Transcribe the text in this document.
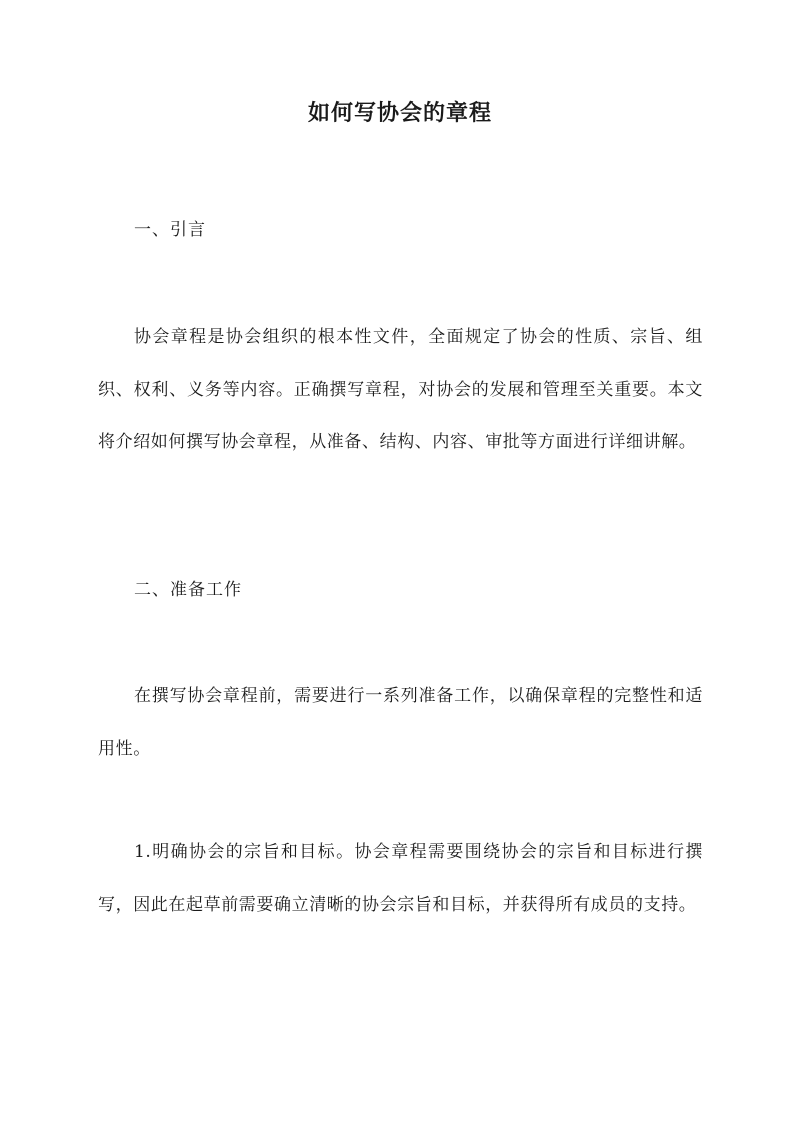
如何写协会的章程
一、引言
协会章程是协会组织的根本性文件，全面规定了协会的性质、宗旨、组织、权利、义务等内容。正确撰写章程，对协会的发展和管理至关重要。本文将介绍如何撰写协会章程，从准备、结构、内容、审批等方面进行详细讲解。
二、准备工作
在撰写协会章程前，需要进行一系列准备工作，以确保章程的完整性和适用性。
1.明确协会的宗旨和目标。协会章程需要围绕协会的宗旨和目标进行撰写，因此在起草前需要确立清晰的协会宗旨和目标，并获得所有成员的支持。
